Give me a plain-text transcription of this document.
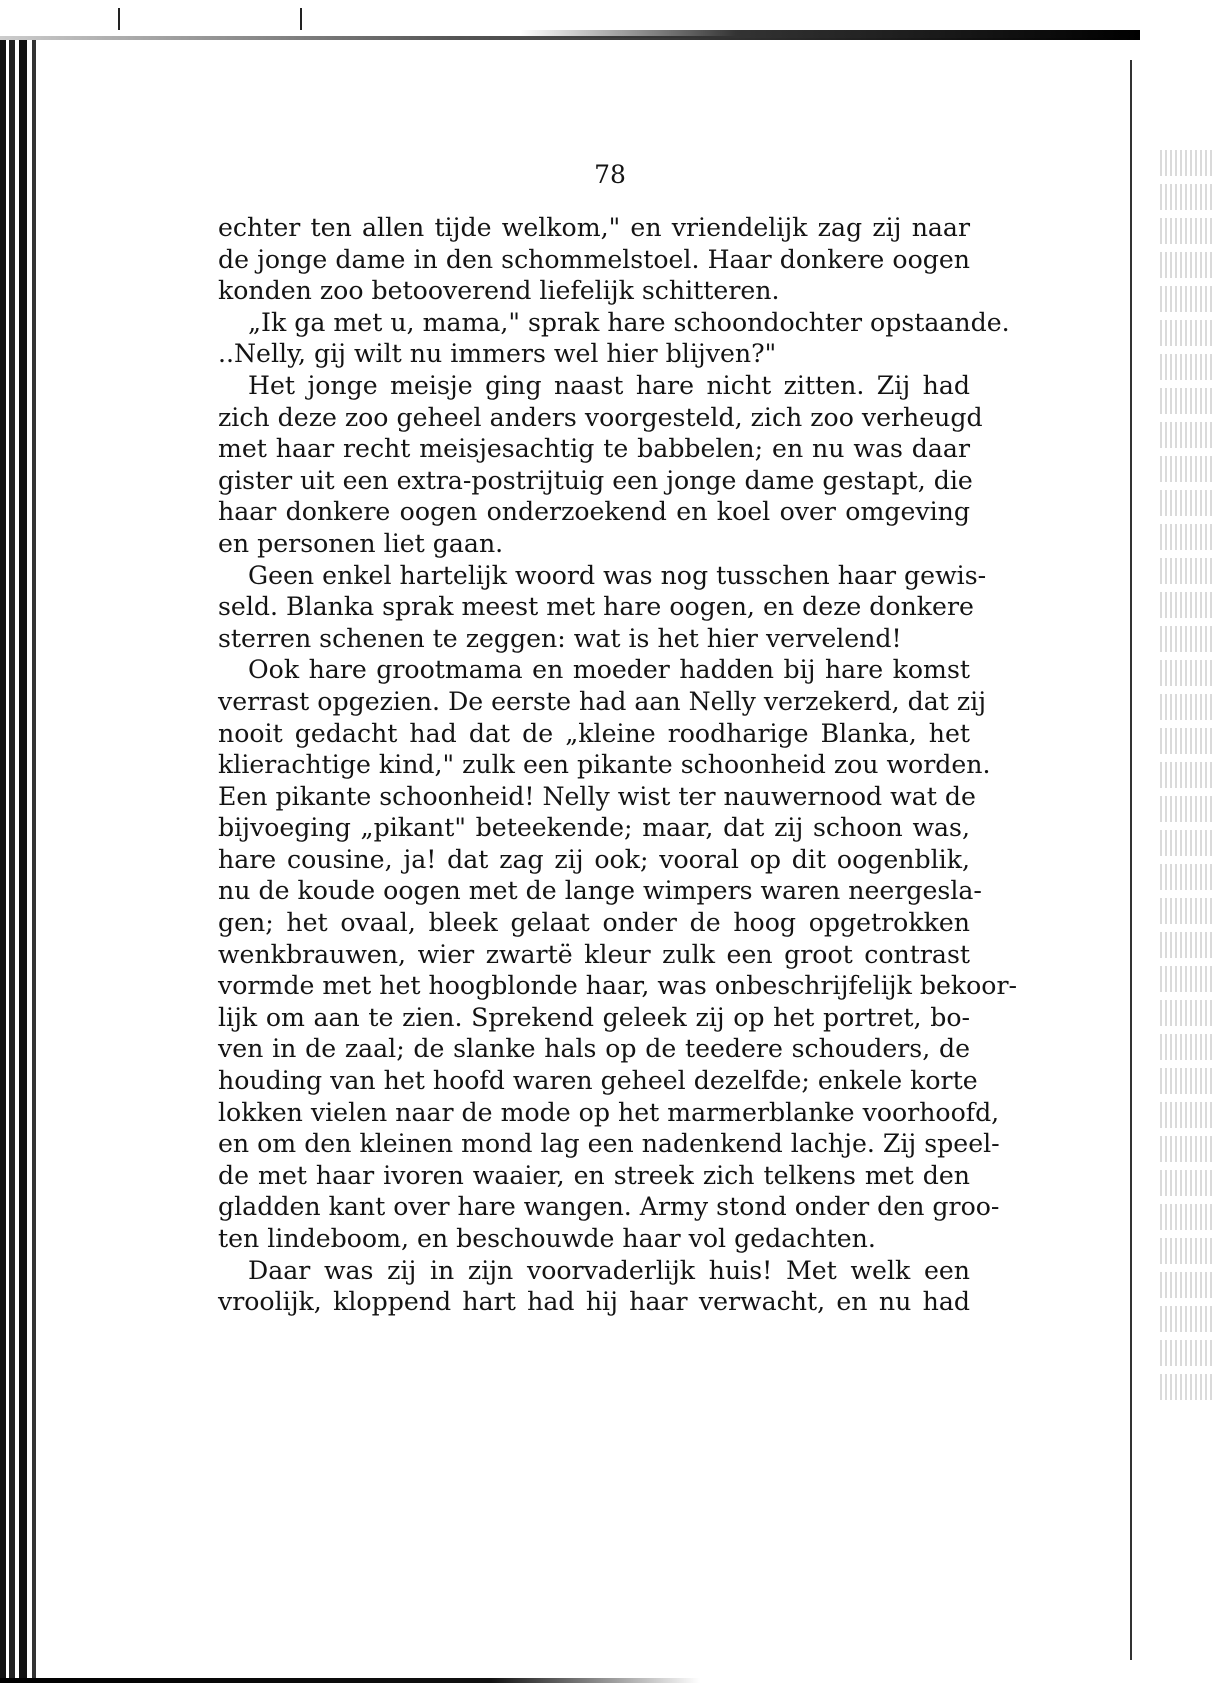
78

echter ten allen tijde welkom," en vriendelijk zag zij naar
de jonge dame in den schommelstoel. Haar donkere oogen
konden zoo betooverend liefelijk schitteren.
„Ik ga met u, mama," sprak hare schoondochter opstaande.
..Nelly, gij wilt nu immers wel hier blijven?"
Het jonge meisje ging naast hare nicht zitten. Zij had
zich deze zoo geheel anders voorgesteld, zich zoo verheugd
met haar recht meisjesachtig te babbelen; en nu was daar
gister uit een extra-postrijtuig een jonge dame gestapt, die
haar donkere oogen onderzoekend en koel over omgeving
en personen liet gaan.
Geen enkel hartelijk woord was nog tusschen haar gewis-
seld. Blanka sprak meest met hare oogen, en deze donkere
sterren schenen te zeggen: wat is het hier vervelend!
Ook hare grootmama en moeder hadden bij hare komst
verrast opgezien. De eerste had aan Nelly verzekerd, dat zij
nooit gedacht had dat de „kleine roodharige Blanka, het
klierachtige kind," zulk een pikante schoonheid zou worden.
Een pikante schoonheid! Nelly wist ter nauwernood wat de
bijvoeging „pikant" beteekende; maar, dat zij schoon was,
hare cousine, ja! dat zag zij ook; vooral op dit oogenblik,
nu de koude oogen met de lange wimpers waren neergesla-
gen; het ovaal, bleek gelaat onder de hoog opgetrokken
wenkbrauwen, wier zwartë kleur zulk een groot contrast
vormde met het hoogblonde haar, was onbeschrijfelijk bekoor-
lijk om aan te zien. Sprekend geleek zij op het portret, bo-
ven in de zaal; de slanke hals op de teedere schouders, de
houding van het hoofd waren geheel dezelfde; enkele korte
lokken vielen naar de mode op het marmerblanke voorhoofd,
en om den kleinen mond lag een nadenkend lachje. Zij speel-
de met haar ivoren waaier, en streek zich telkens met den
gladden kant over hare wangen. Army stond onder den groo-
ten lindeboom, en beschouwde haar vol gedachten.
Daar was zij in zijn voorvaderlijk huis! Met welk een
vroolijk, kloppend hart had hij haar verwacht, en nu had
